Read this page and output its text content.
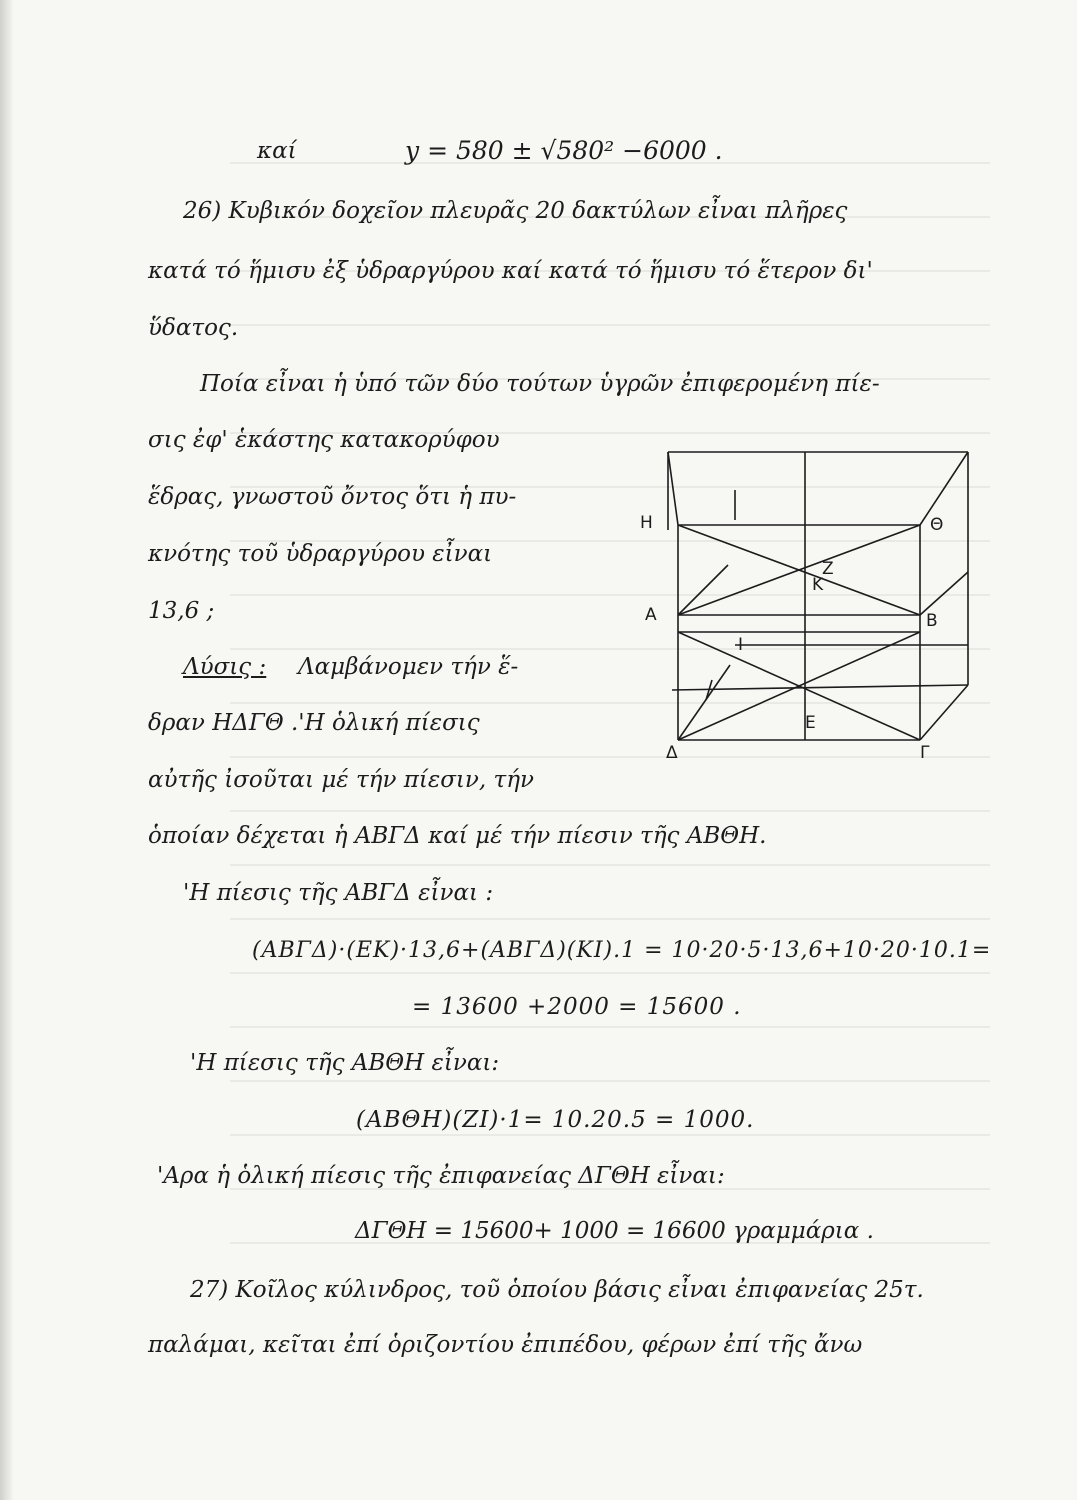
καί	y = 580 ± √580² −6000 .
26) Κυβικόν δοχεῖον πλευρᾶς 20 δακτύλων εἶναι πλῆρες
κατά τό ἥμισυ ἐξ ὑδραργύρου καί κατά τό ἥμισυ τό ἕτερον δι'
ὕδατος.
Ποία εἶναι ἡ ὑπό τῶν δύο τούτων ὑγρῶν ἐπιφερομένη πίε-
σις ἐφ' ἑκάστης κατακορύφου
ἕδρας, γνωστοῦ ὄντος ὅτι ἡ πυ-
κνότης τοῦ ὑδραργύρου εἶναι
13,6 ;
Λύσις : Λαμβάνομεν τήν ἕ-
δραν ΗΔΓΘ .'Η ὁλική πίεσις
αὐτῆς ἰσοῦται μέ τήν πίεσιν, τήν
ὁποίαν δέχεται ἡ ΑΒΓΔ καί μέ τήν πίεσιν τῆς ΑΒΘΗ.
'Η πίεσις τῆς ΑΒΓΔ εἶναι :
(ΑΒΓΔ)·(ΕΚ)·13,6+(ΑΒΓΔ)(ΚΙ).1 = 10·20·5·13,6+10·20·10.1=
= 13600 +2000 = 15600 .
'Η πίεσις τῆς ΑΒΘΗ εἶναι:
(ΑΒΘΗ)(ΖΙ)·1= 10.20.5 = 1000.
'Αρα ἡ ὁλική πίεσις τῆς ἐπιφανείας ΔΓΘΗ εἶναι:
ΔΓΘΗ = 15600+ 1000 = 16600 γραμμάρια .
27) Κοῖλος κύλινδρος, τοῦ ὁποίου βάσις εἶναι ἐπιφανείας 25τ.
παλάμαι, κεῖται ἐπί ὁριζοντίου ἐπιπέδου, φέρων ἐπί τῆς ἄνω
Η	Θ
Α	Β
Δ	Γ
Ζ
Κ
Ε
Ι
